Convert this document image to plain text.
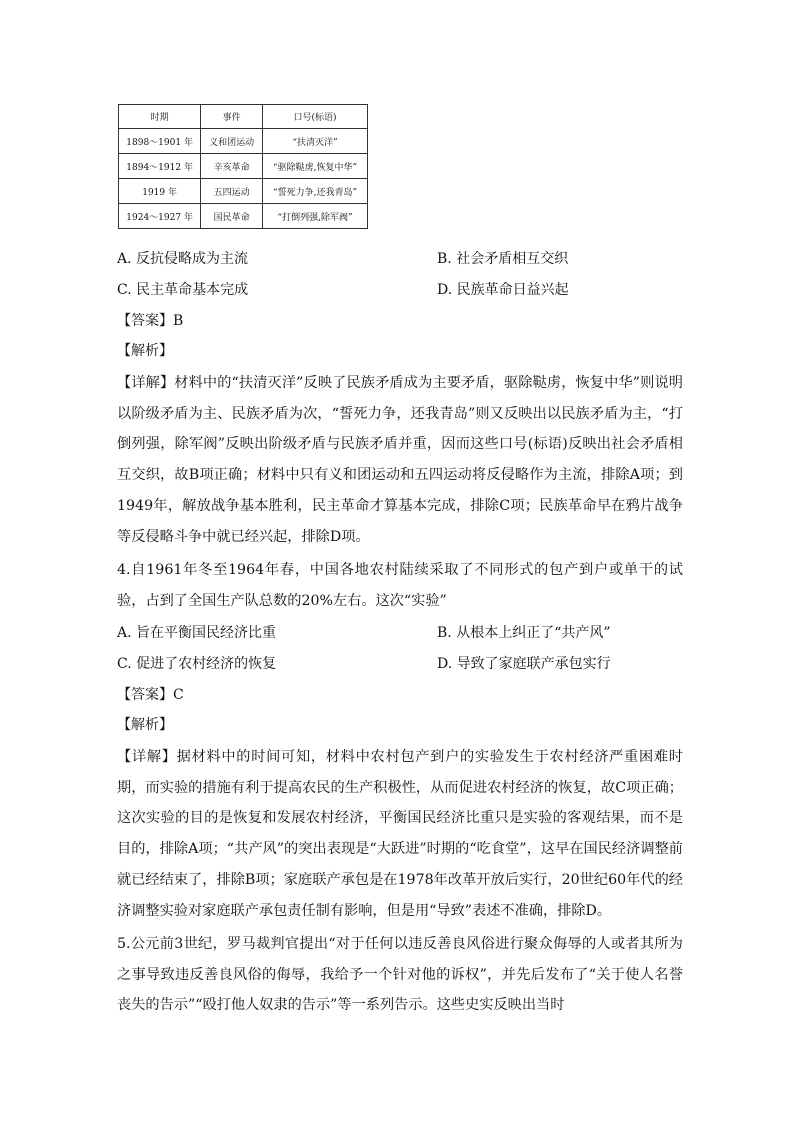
时期	事件	口号(标语)
1898～1901 年	义和团运动	“扶清灭洋”
1894～1912 年	辛亥革命	“驱除鞑虏,恢复中华”
1919 年	五四运动	“誓死力争,还我青岛”
1924～1927 年	国民革命	“打倒列强,除军阀”
A. 反抗侵略成为主流	B. 社会矛盾相互交织
C. 民主革命基本完成	D. 民族革命日益兴起
【答案】B
【解析】
【详解】材料中的“扶清灭洋”反映了民族矛盾成为主要矛盾，驱除鞑虏，恢复中华”则说明以阶级矛盾为主、民族矛盾为次，“誓死力争，还我青岛”则又反映出以民族矛盾为主，“打倒列强，除军阀”反映出阶级矛盾与民族矛盾并重，因而这些口号(标语)反映出社会矛盾相互交织，故B项正确；材料中只有义和团运动和五四运动将反侵略作为主流，排除A项；到1949年，解放战争基本胜利，民主革命才算基本完成，排除C项；民族革命早在鸦片战争等反侵略斗争中就已经兴起，排除D项。
4.自1961年冬至1964年春，中国各地农村陆续采取了不同形式的包产到户或单干的试验，占到了全国生产队总数的20%左右。这次“实验”
A. 旨在平衡国民经济比重	B. 从根本上纠正了“共产风”
C. 促进了农村经济的恢复	D. 导致了家庭联产承包实行
【答案】C
【解析】
【详解】据材料中的时间可知，材料中农村包产到户的实验发生于农村经济严重困难时期，而实验的措施有利于提高农民的生产积极性，从而促进农村经济的恢复，故C项正确；这次实验的目的是恢复和发展农村经济，平衡国民经济比重只是实验的客观结果，而不是目的，排除A项；“共产风”的突出表现是“大跃进”时期的“吃食堂”，这早在国民经济调整前就已经结束了，排除B项；家庭联产承包是在1978年改革开放后实行，20世纪60年代的经济调整实验对家庭联产承包责任制有影响，但是用“导致”表述不准确，排除D。
5.公元前3世纪，罗马裁判官提出“对于任何以违反善良风俗进行聚众侮辱的人或者其所为之事导致违反善良风俗的侮辱，我给予一个针对他的诉权”，并先后发布了“关于使人名誉丧失的告示”“殴打他人奴隶的告示”等一系列告示。这些史实反映出当时
